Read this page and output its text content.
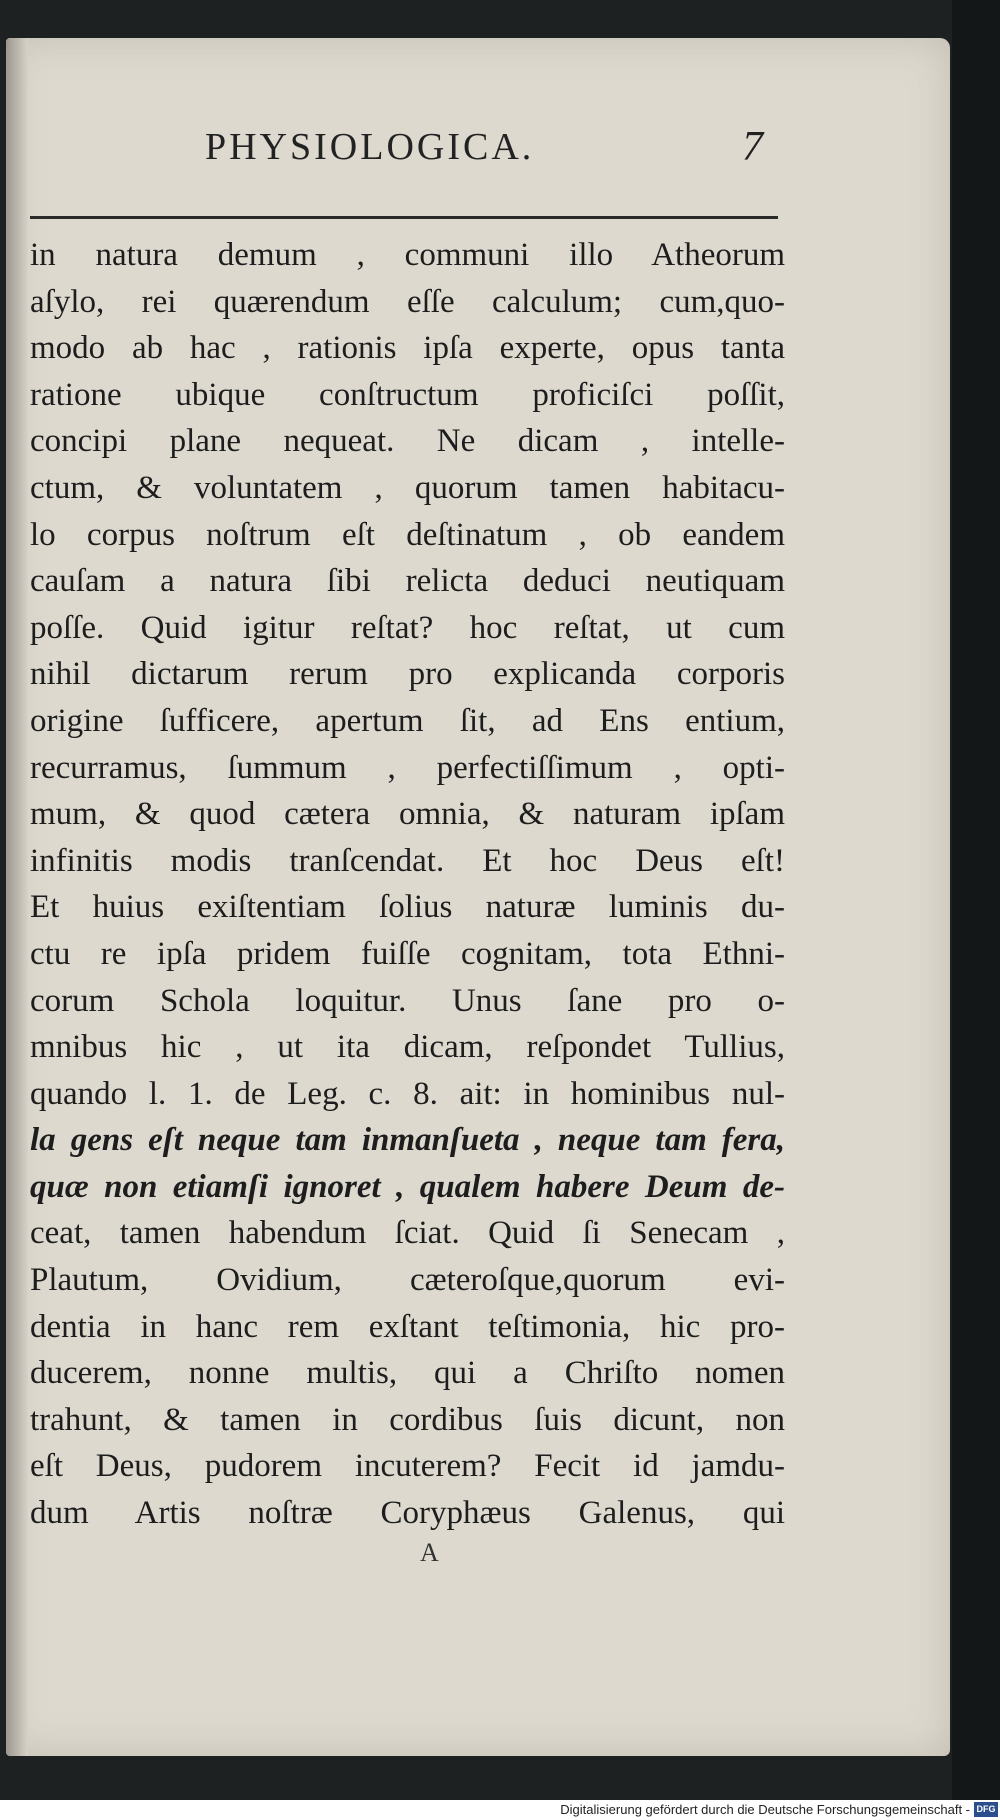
PHYSIOLOGICA.	7
in natura demum , communi illo Atheorum
aſylo, rei quærendum eſſe calculum; cum,quo-
modo ab hac , rationis ipſa experte, opus tanta
ratione ubique conſtructum proficiſci poſſit,
concipi plane nequeat. Ne dicam , intelle-
ctum, & voluntatem , quorum tamen habitacu-
lo corpus noſtrum eſt deſtinatum , ob eandem
cauſam a natura ſibi relicta deduci neutiquam
poſſe. Quid igitur reſtat? hoc reſtat, ut cum
nihil dictarum rerum pro explicanda corporis
origine ſufficere, apertum ſit, ad Ens entium,
recurramus, ſummum , perfectiſſimum , opti-
mum, & quod cætera omnia, & naturam ipſam
infinitis modis tranſcendat. Et hoc Deus eſt!
Et huius exiſtentiam ſolius naturæ luminis du-
ctu re ipſa pridem fuiſſe cognitam, tota Ethni-
corum Schola loquitur. Unus ſane pro o-
mnibus hic , ut ita dicam, reſpondet Tullius,
quando l. 1. de Leg. c. 8. ait: in hominibus nul-
la gens eſt neque tam inmanſueta , neque tam fera,
quæ non etiamſi ignoret , qualem habere Deum de-
ceat, tamen habendum ſciat. Quid ſi Senecam ,
Plautum, Ovidium, cæteroſque,quorum evi-
dentia in hanc rem exſtant teſtimonia, hic pro-
ducerem, nonne multis, qui a Chriſto nomen
trahunt, & tamen in cordibus ſuis dicunt, non
eſt Deus, pudorem incuterem? Fecit id jamdu-
dum Artis noſtræ Coryphæus Galenus, qui
A
Digitalisierung gefördert durch die Deutsche Forschungsgemeinschaft - DFG
